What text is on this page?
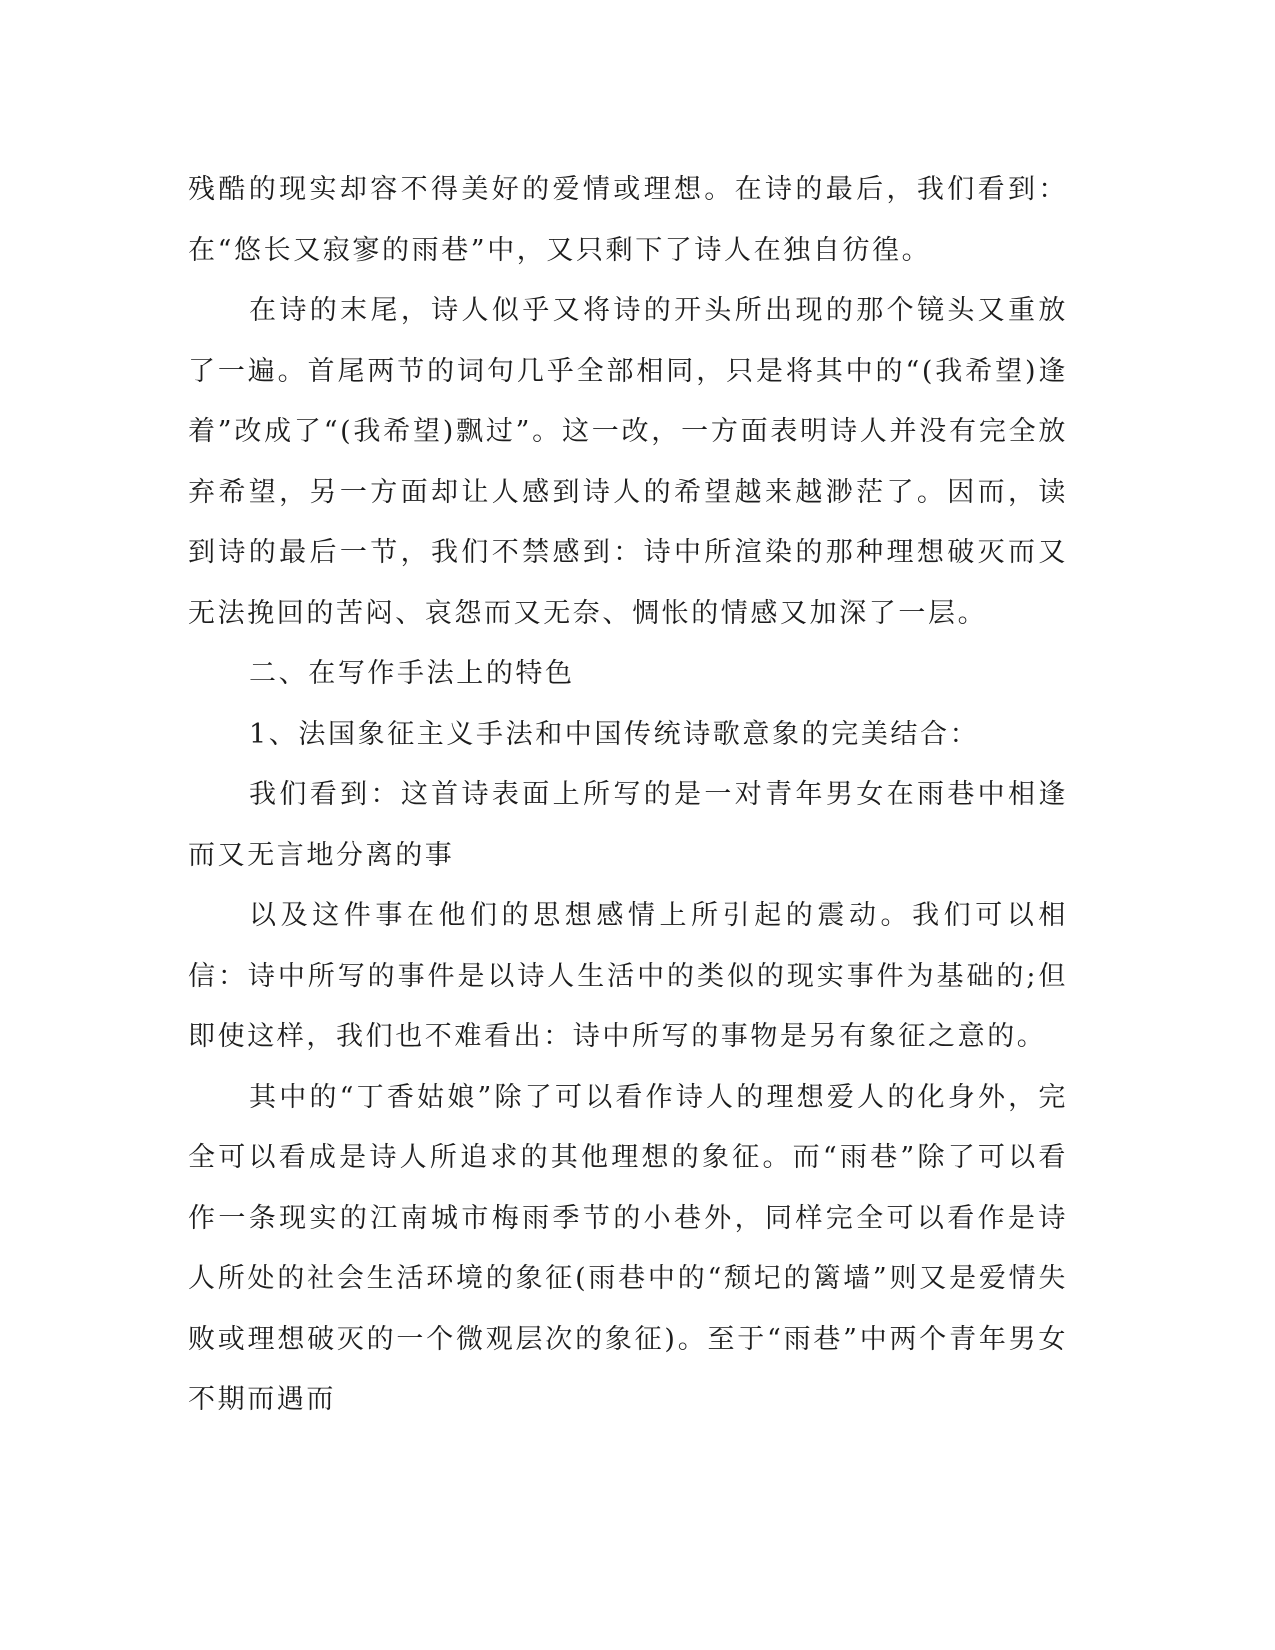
残酷的现实却容不得美好的爱情或理想。在诗的最后，我们看到：在“悠长又寂寥的雨巷”中，又只剩下了诗人在独自彷徨。

在诗的末尾，诗人似乎又将诗的开头所出现的那个镜头又重放了一遍。首尾两节的词句几乎全部相同，只是将其中的“(我希望)逢着”改成了“(我希望)飘过”。这一改，一方面表明诗人并没有完全放弃希望，另一方面却让人感到诗人的希望越来越渺茫了。因而，读到诗的最后一节，我们不禁感到：诗中所渲染的那种理想破灭而又无法挽回的苦闷、哀怨而又无奈、惆怅的情感又加深了一层。

二、在写作手法上的特色

1、法国象征主义手法和中国传统诗歌意象的完美结合：

我们看到：这首诗表面上所写的是一对青年男女在雨巷中相逢而又无言地分离的事

以及这件事在他们的思想感情上所引起的震动。我们可以相信：诗中所写的事件是以诗人生活中的类似的现实事件为基础的;但即使这样，我们也不难看出：诗中所写的事物是另有象征之意的。

其中的“丁香姑娘”除了可以看作诗人的理想爱人的化身外，完全可以看成是诗人所追求的其他理想的象征。而“雨巷”除了可以看作一条现实的江南城市梅雨季节的小巷外，同样完全可以看作是诗人所处的社会生活环境的象征(雨巷中的“颓圮的篱墙”则又是爱情失败或理想破灭的一个微观层次的象征)。至于“雨巷”中两个青年男女不期而遇而
